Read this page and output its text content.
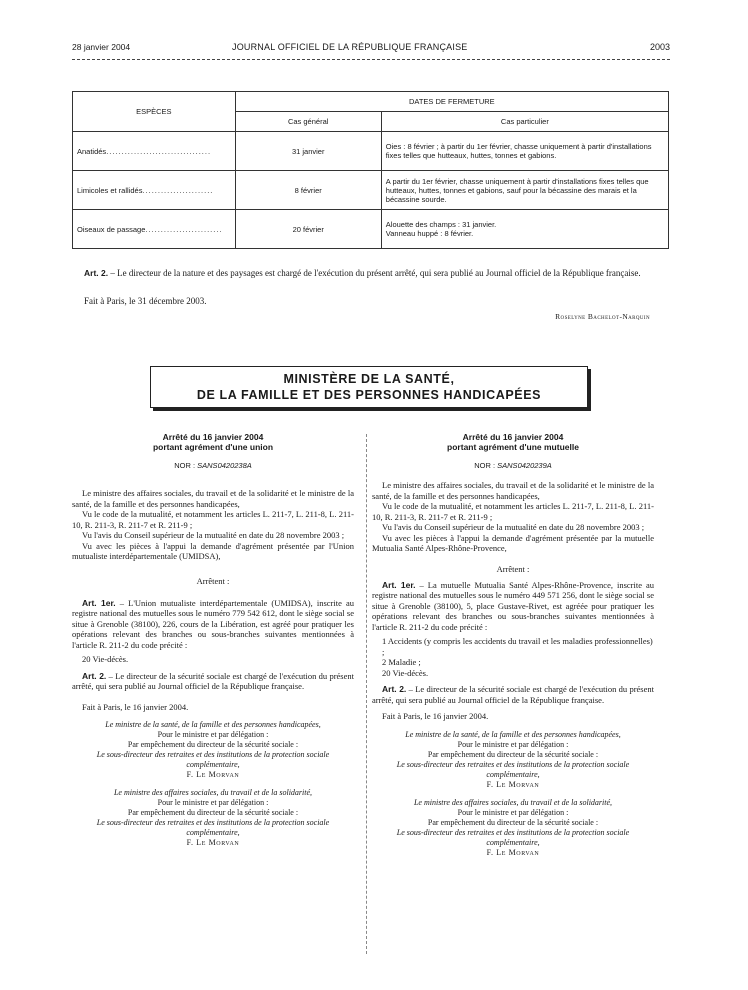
28 janvier 2004	JOURNAL OFFICIEL DE LA RÉPUBLIQUE FRANÇAISE	2003
ESPÈCES	DATES DE FERMETURE	
	Cas général	Cas particulier
Anatidés..................................	31 janvier	Oies : 8 février ; à partir du 1er février, chasse uniquement à partir d'installations fixes telles que hutteaux, huttes, tonnes et gabions.
Limicoles et rallidés.......................	8 février	A partir du 1er février, chasse uniquement à partir d'installations fixes telles que hutteaux, huttes, tonnes et gabions, sauf pour la bécassine des marais et la bécassine sourde.
Oiseaux de passage.........................	20 février	Alouette des champs : 31 janvier.
Vanneau huppé : 8 février.
Art. 2. – Le directeur de la nature et des paysages est chargé de l'exécution du présent arrêté, qui sera publié au Journal officiel de la République française.
Fait à Paris, le 31 décembre 2003.
Roselyne Bachelot-Narquin
MINISTÈRE DE LA SANTÉ,
DE LA FAMILLE ET DES PERSONNES HANDICAPÉES
Arrêté du 16 janvier 2004
portant agrément d'une union
NOR : SANS0420238A

Le ministre des affaires sociales, du travail et de la solidarité et le ministre de la santé, de la famille et des personnes handicapées,

Vu le code de la mutualité, et notamment les articles L. 211-7, L. 211-8, L. 211-10, R. 211-3, R. 211-7 et R. 211-9 ;

Vu l'avis du Conseil supérieur de la mutualité en date du 28 novembre 2003 ;

Vu avec les pièces à l'appui la demande d'agrément présentée par l'Union mutualiste interdépartementale (UMIDSA),

Arrêtent :

Art. 1er. – L'Union mutualiste interdépartementale (UMIDSA), inscrite au registre national des mutuelles sous le numéro 779 542 612, dont le siège social se situe à Grenoble (38100), 226, cours de la Libération, est agréé pour pratiquer les opérations relevant des branches ou sous-branches suivantes mentionnées à l'article R. 211-2 du code précité :

20 Vie-décès.

Art. 2. – Le directeur de la sécurité sociale est chargé de l'exécution du présent arrêté, qui sera publié au Journal officiel de la République française.

Fait à Paris, le 16 janvier 2004.

Le ministre de la santé, de la famille et des personnes handicapées,

Pour le ministre et par délégation :

Par empêchement du directeur de la sécurité sociale :

Le sous-directeur des retraites et des institutions de la protection sociale complémentaire,

F. Le Morvan

Le ministre des affaires sociales, du travail et de la solidarité,

Pour le ministre et par délégation :

Par empêchement du directeur de la sécurité sociale :

Le sous-directeur des retraites et des institutions de la protection sociale complémentaire,

F. Le Morvan

Arrêté du 16 janvier 2004
portant agrément d'une mutuelle
NOR : SANS0420239A

Le ministre des affaires sociales, du travail et de la solidarité et le ministre de la santé, de la famille et des personnes handicapées,

Vu le code de la mutualité, et notamment les articles L. 211-7, L. 211-8, L. 211-10, R. 211-3, R. 211-7 et R. 211-9 ;

Vu l'avis du Conseil supérieur de la mutualité en date du 28 novembre 2003 ;

Vu avec les pièces à l'appui la demande d'agrément présentée par la mutuelle Mutualia Santé Alpes-Rhône-Provence,

Arrêtent :

Art. 1er. – La mutuelle Mutualia Santé Alpes-Rhône-Provence, inscrite au registre national des mutuelles sous le numéro 449 571 256, dont le siège social se situe à Grenoble (38100), 5, place Gustave-Rivet, est agréée pour pratiquer les opérations relevant des branches ou sous-branches suivantes mentionnées à l'article R. 211-2 du code précité :

1 Accidents (y compris les accidents du travail et les maladies professionnelles) ;

2 Maladie ;

20 Vie-décès.

Art. 2. – Le directeur de la sécurité sociale est chargé de l'exécution du présent arrêté, qui sera publié au Journal officiel de la République française.

Fait à Paris, le 16 janvier 2004.

Le ministre de la santé, de la famille et des personnes handicapées,

Pour le ministre et par délégation :

Par empêchement du directeur de la sécurité sociale :

Le sous-directeur des retraites et des institutions de la protection sociale complémentaire,

F. Le Morvan

Le ministre des affaires sociales, du travail et de la solidarité,

Pour le ministre et par délégation :

Par empêchement du directeur de la sécurité sociale :

Le sous-directeur des retraites et des institutions de la protection sociale complémentaire,

F. Le Morvan
